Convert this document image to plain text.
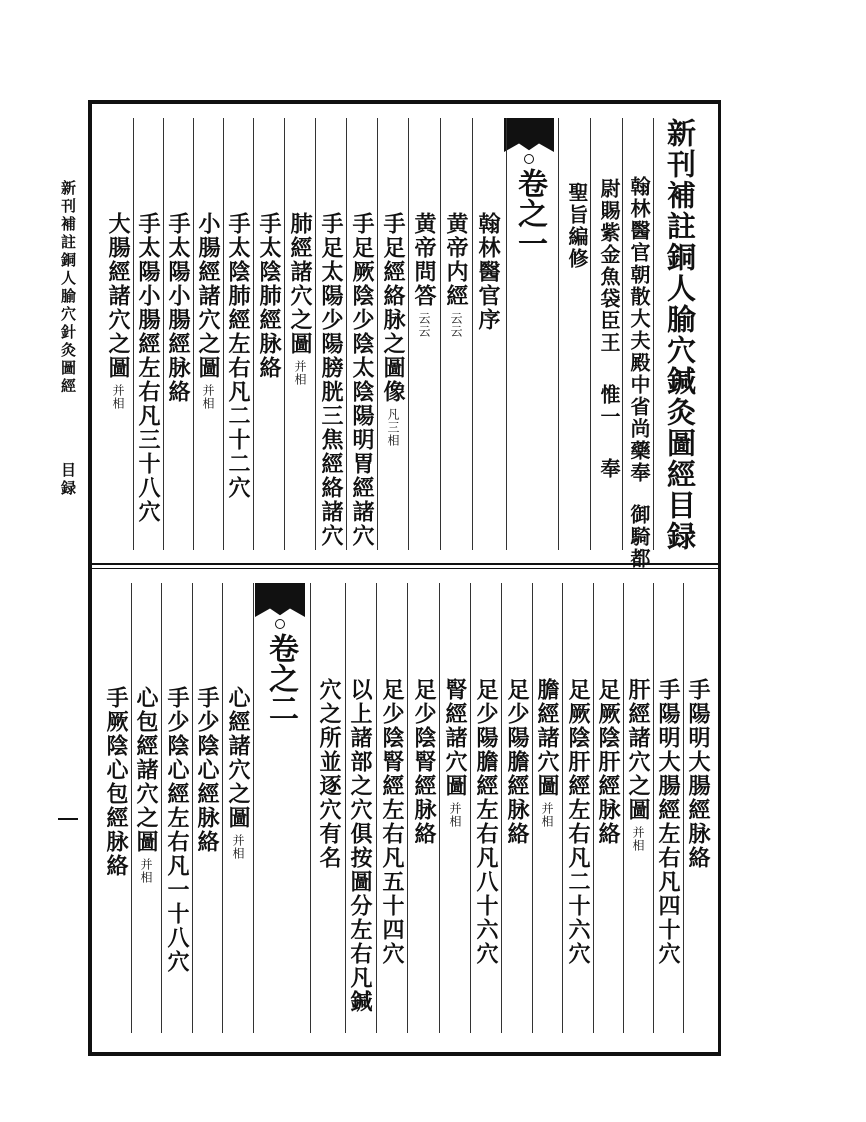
新刊補註銅人腧穴針灸圖經
目録	新刊補註銅人腧穴鍼灸圖經目録
翰林醫官朝散大夫殿中省尚藥奉御騎都
尉賜紫金魚袋臣王惟一奉
聖旨編修
卷之一
卷之二
翰林醫官序
黄帝内經云云
黄帝問答云云
手足經絡脉之圖像凡三相
手足厥陰少陰太陰陽明胃經諸穴
手足太陽少陽膀胱三焦經絡諸穴
肺經諸穴之圖并相
手太陰肺經脉絡
手太陰肺經左右凡二十二穴
小腸經諸穴之圖并相
手太陽小腸經脉絡
手太陽小腸經左右凡三十八穴
大腸經諸穴之圖并相
手陽明大腸經脉絡
手陽明大腸經左右凡四十穴
肝經諸穴之圖并相
足厥陰肝經脉絡
足厥陰肝經左右凡二十六穴
膽經諸穴圖并相
足少陽膽經脉絡
足少陽膽經左右凡八十六穴
腎經諸穴圖并相
足少陰腎經脉絡
足少陰腎經左右凡五十四穴
以上諸部之穴俱按圖分左右凡鍼
穴之所並逐穴有名
心經諸穴之圖并相
手少陰心經脉絡
手少陰心經左右凡一十八穴
心包經諸穴之圖并相
手厥陰心包經脉絡
